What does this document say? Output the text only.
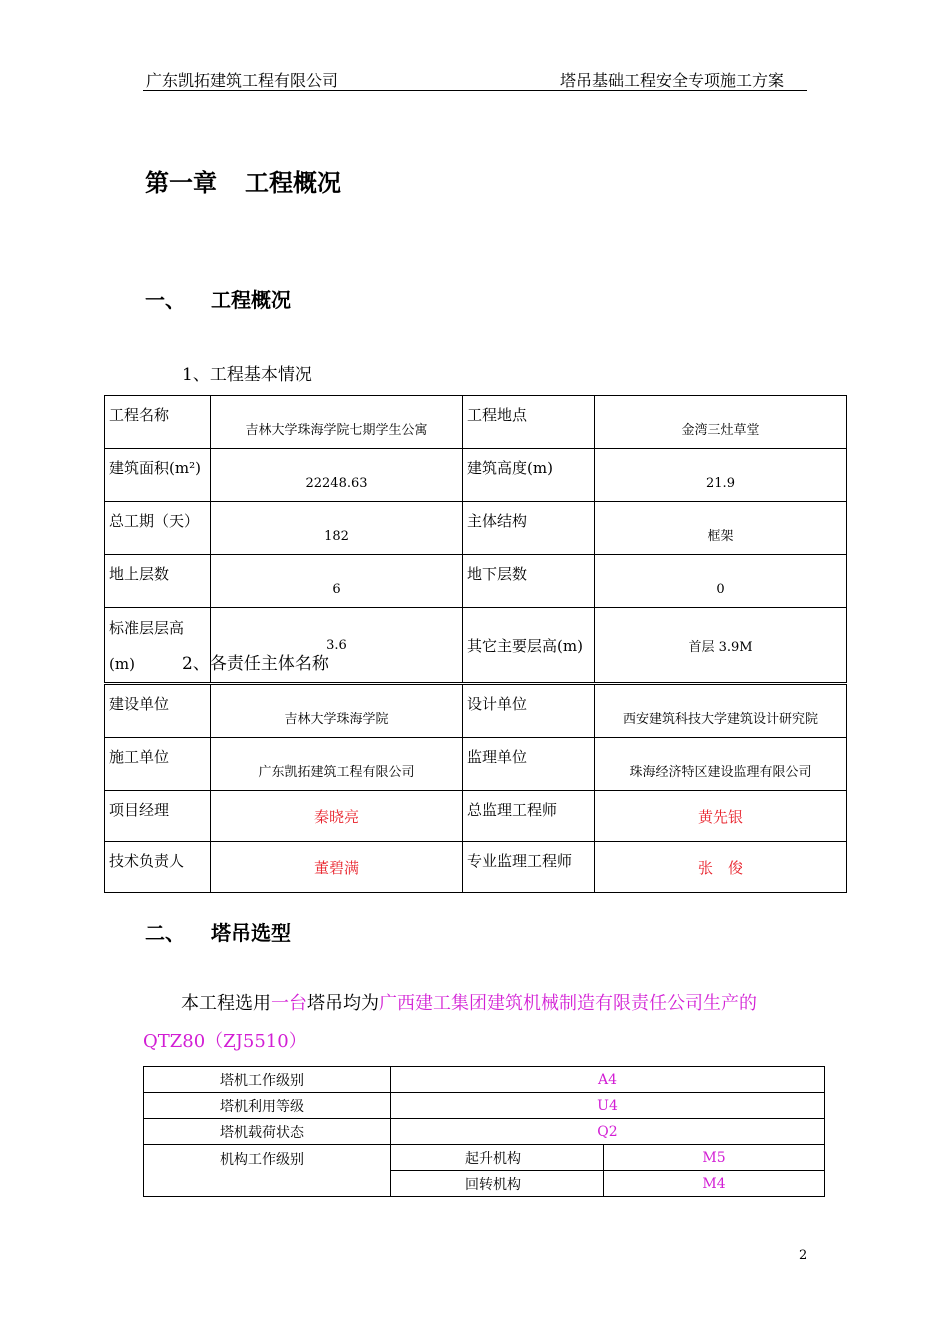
广东凯拓建筑工程有限公司	塔吊基础工程安全专项施工方案
第一章 工程概况
一、 工程概况
1、工程基本情况
工程名称	吉林大学珠海学院七期学生公寓	工程地点	金湾三灶草堂
建筑面积(m²)	22248.63	建筑高度(m)	21.9
总工期（天）	182	主体结构	框架
地上层数	6	地下层数	0
标准层层高
(m)	3.6	其它主要层高(m)	首层 3.9M
2、各责任主体名称
建设单位	吉林大学珠海学院	设计单位	西安建筑科技大学建筑设计研究院
施工单位	广东凯拓建筑工程有限公司	监理单位	珠海经济特区建设监理有限公司
项目经理	秦晓亮	总监理工程师	黄先银
技术负责人	董碧满	专业监理工程师	张　俊
二、 塔吊选型
本工程选用一台塔吊均为广西建工集团建筑机械制造有限责任公司生产的
QTZ80（ZJ5510）
塔机工作级别	A4	
塔机利用等级	U4	
塔机载荷状态	Q2	
机构工作级别	起升机构	M5
	回转机构	M4
2
